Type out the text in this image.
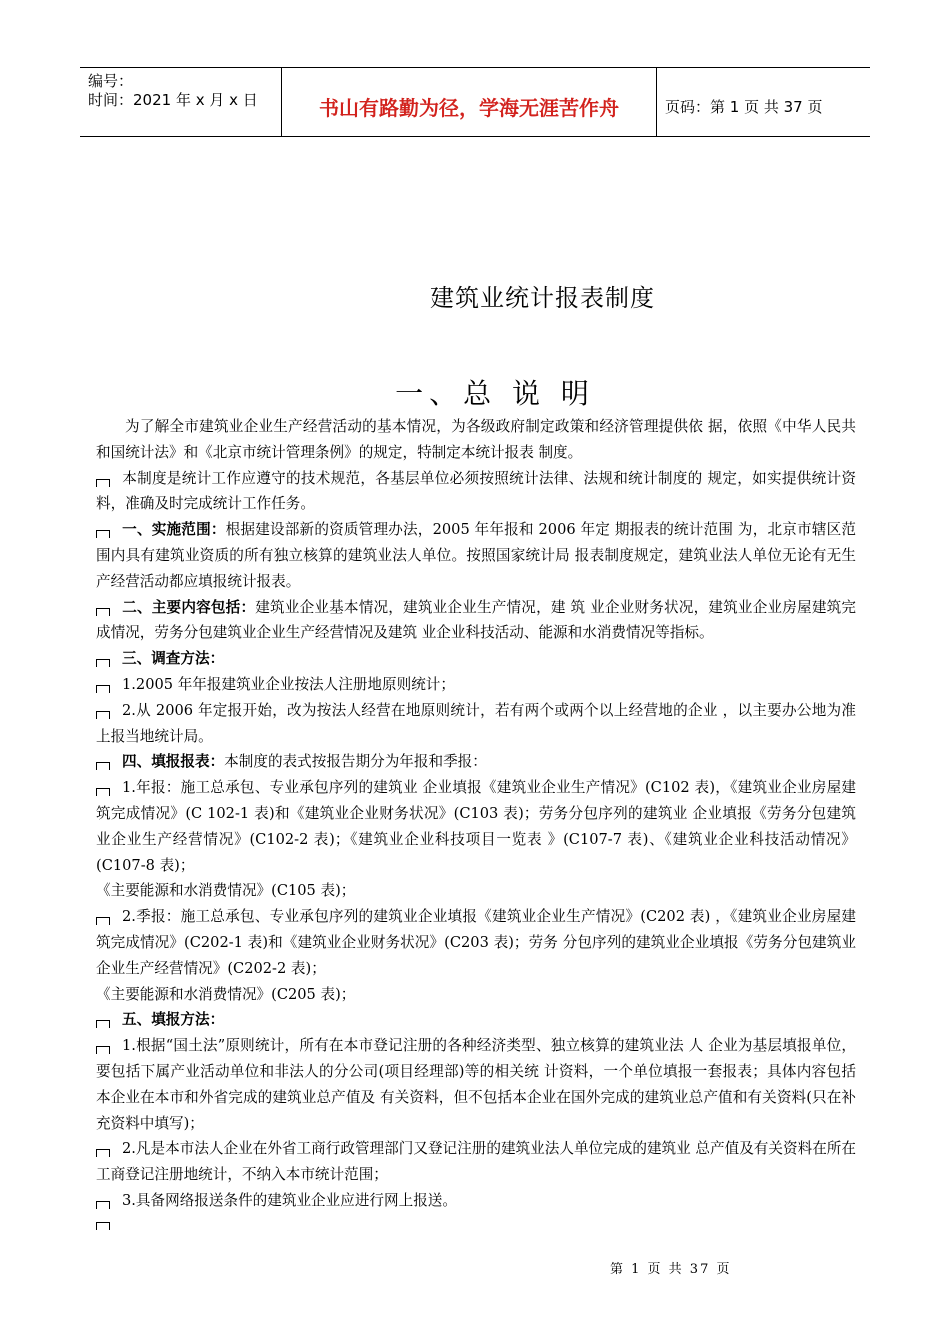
编号：
时间：2021 年 x 月 x 日	书山有路勤为径，学海无涯苦作舟	页码：第 1 页 共 37 页
建筑业统计报表制度
一、总 说 明

为了解全市建筑业企业生产经营活动的基本情况，为各级政府制定政策和经济管理提供依 据，依照《中华人民共和国统计法》和《北京市统计管理条例》的规定，特制定本统计报表 制度。

本制度是统计工作应遵守的技术规范，各基层单位必须按照统计法律、法规和统计制度的 规定，如实提供统计资料，准确及时完成统计工作任务。

一、实施范围：根据建设部新的资质管理办法，2005 年年报和 2006 年定 期报表的统计范围 为，北京市辖区范围内具有建筑业资质的所有独立核算的建筑业法人单位。按照国家统计局 报表制度规定，建筑业法人单位无论有无生产经营活动都应填报统计报表。

二、主要内容包括：建筑业企业基本情况，建筑业企业生产情况，建 筑 业企业财务状况，建筑业企业房屋建筑完成情况，劳务分包建筑业企业生产经营情况及建筑 业企业科技活动、能源和水消费情况等指标。

三、调查方法：

1.2005 年年报建筑业企业按法人注册地原则统计；

2.从 2006 年定报开始，改为按法人经营在地原则统计，若有两个或两个以上经营地的企业 ，以主要办公地为准上报当地统计局。

四、填报报表：本制度的表式按报告期分为年报和季报：

1.年报：施工总承包、专业承包序列的建筑业 企业填报《建筑业企业生产情况》(C102 表)，《建筑业企业房屋建筑完成情况》(C 102-1 表)和《建筑业企业财务状况》(C103 表)；劳务分包序列的建筑业 企业填报《劳务分包建筑业企业生产经营情况》(C102-2 表)；《建筑业企业科技项目一览表 》(C107-7 表)、《建筑业企业科技活动情况》(C107-8 表)；

《主要能源和水消费情况》(C105 表)；

2.季报：施工总承包、专业承包序列的建筑业企业填报《建筑业企业生产情况》(C202 表) ，《建筑业企业房屋建筑完成情况》(C202-1 表)和《建筑业企业财务状况》(C203 表)；劳务 分包序列的建筑业企业填报《劳务分包建筑业企业生产经营情况》(C202-2 表)；

《主要能源和水消费情况》(C205 表)；

五、填报方法：

1.根据“国土法”原则统计，所有在本市登记注册的各种经济类型、独立核算的建筑业法 人 企业为基层填报单位，要包括下属产业活动单位和非法人的分公司(项目经理部)等的相关统 计资料，一个单位填报一套报表；具体内容包括本企业在本市和外省完成的建筑业总产值及 有关资料，但不包括本企业在国外完成的建筑业总产值和有关资料(只在补充资料中填写)；

2.凡是本市法人企业在外省工商行政管理部门又登记注册的建筑业法人单位完成的建筑业 总产值及有关资料在所在工商登记注册地统计，不纳入本市统计范围；

3.具备网络报送条件的建筑业企业应进行网上报送。

第 1 页 共 37 页
